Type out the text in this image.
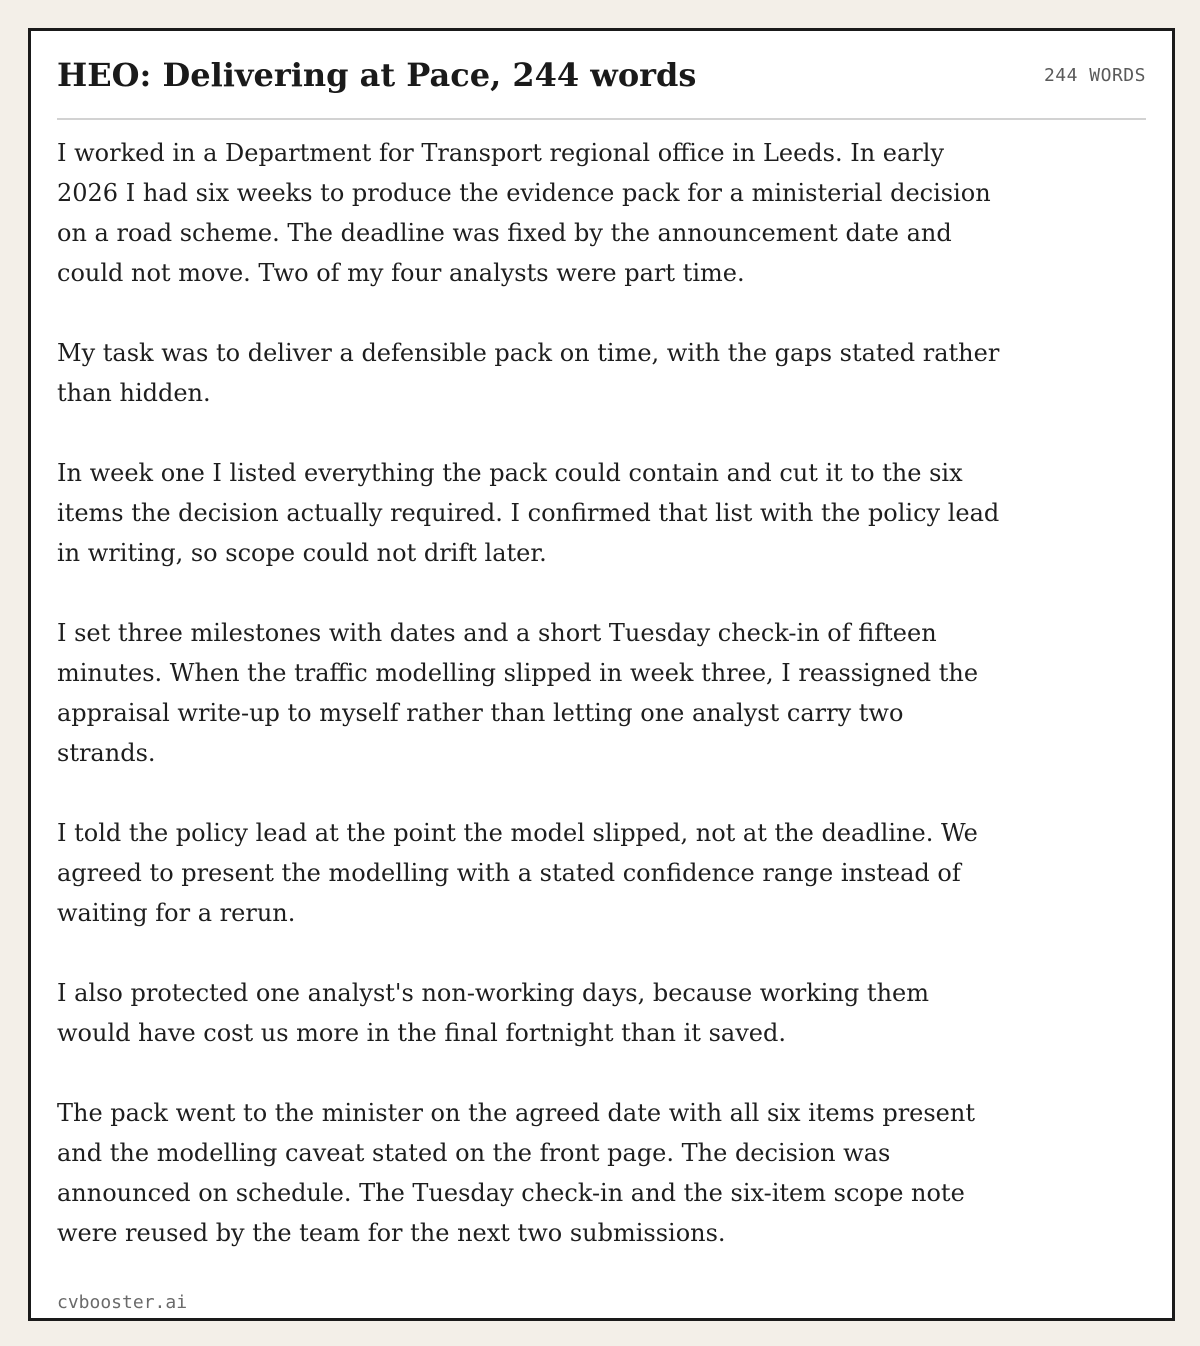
HEO: Delivering at Pace, 244 words	244 WORDS

I worked in a Department for Transport regional office in Leeds. In early 2026 I had six weeks to produce the evidence pack for a ministerial decision on a road scheme. The deadline was fixed by the announcement date and could not move. Two of my four analysts were part time.

My task was to deliver a defensible pack on time, with the gaps stated rather than hidden.

In week one I listed everything the pack could contain and cut it to the six items the decision actually required. I confirmed that list with the policy lead in writing, so scope could not drift later.

I set three milestones with dates and a short Tuesday check-in of fifteen minutes. When the traffic modelling slipped in week three, I reassigned the appraisal write-up to myself rather than letting one analyst carry two strands.

I told the policy lead at the point the model slipped, not at the deadline. We agreed to present the modelling with a stated confidence range instead of waiting for a rerun.

I also protected one analyst's non-working days, because working them would have cost us more in the final fortnight than it saved.

The pack went to the minister on the agreed date with all six items present and the modelling caveat stated on the front page. The decision was announced on schedule. The Tuesday check-in and the six-item scope note were reused by the team for the next two submissions.

cvbooster.ai
